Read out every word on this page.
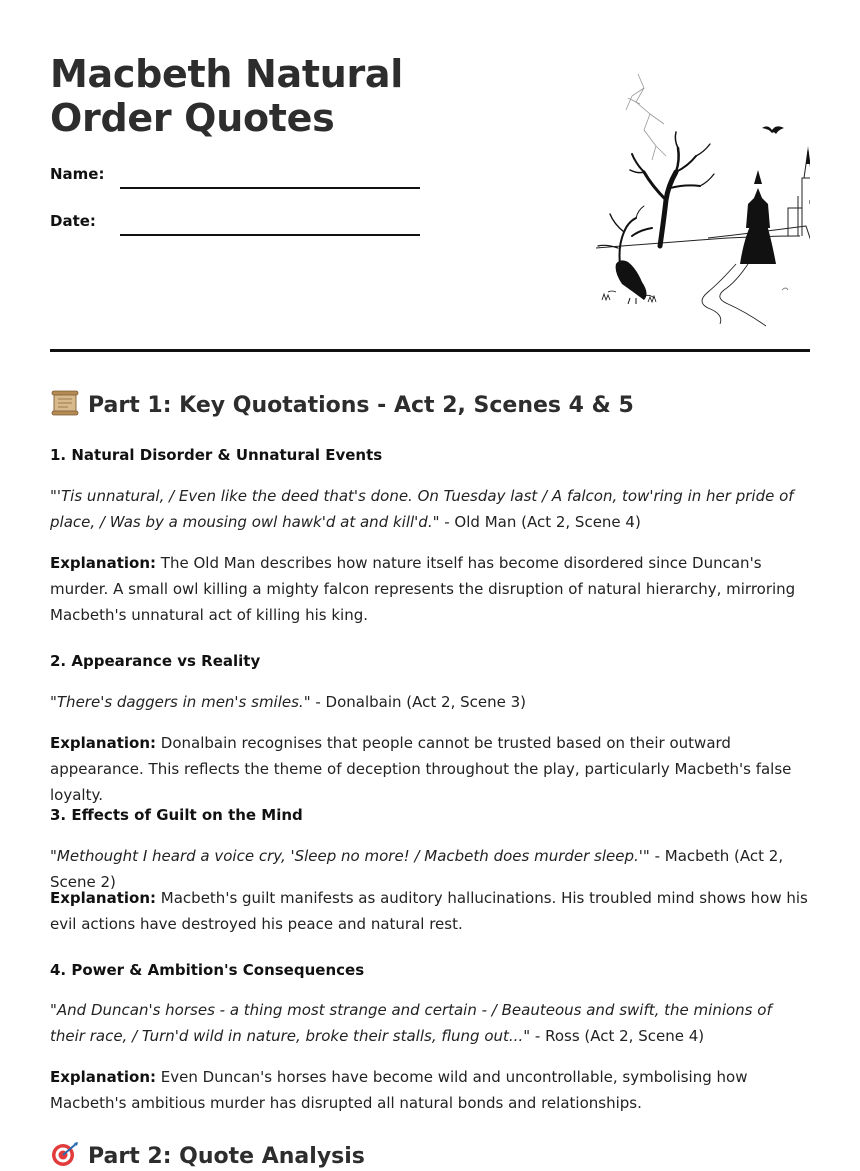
Macbeth Natural Order Quotes
Name:
Date:
Part 1: Key Quotations - Act 2, Scenes 4 & 5
1. Natural Disorder & Unnatural Events
"'Tis unnatural, / Even like the deed that's done. On Tuesday last / A falcon, tow'ring in her pride of place, / Was by a mousing owl hawk'd at and kill'd." - Old Man (Act 2, Scene 4)
Explanation: The Old Man describes how nature itself has become disordered since Duncan's murder. A small owl killing a mighty falcon represents the disruption of natural hierarchy, mirroring Macbeth's unnatural act of killing his king.
2. Appearance vs Reality
"There's daggers in men's smiles." - Donalbain (Act 2, Scene 3)
Explanation: Donalbain recognises that people cannot be trusted based on their outward appearance. This reflects the theme of deception throughout the play, particularly Macbeth's false loyalty.
3. Effects of Guilt on the Mind
"Methought I heard a voice cry, 'Sleep no more! / Macbeth does murder sleep.'" - Macbeth (Act 2, Scene 2)
Explanation: Macbeth's guilt manifests as auditory hallucinations. His troubled mind shows how his evil actions have destroyed his peace and natural rest.
4. Power & Ambition's Consequences
"And Duncan's horses - a thing most strange and certain - / Beauteous and swift, the minions of their race, / Turn'd wild in nature, broke their stalls, flung out..." - Ross (Act 2, Scene 4)
Explanation: Even Duncan's horses have become wild and uncontrollable, symbolising how Macbeth's ambitious murder has disrupted all natural bonds and relationships.
Part 2: Quote Analysis
